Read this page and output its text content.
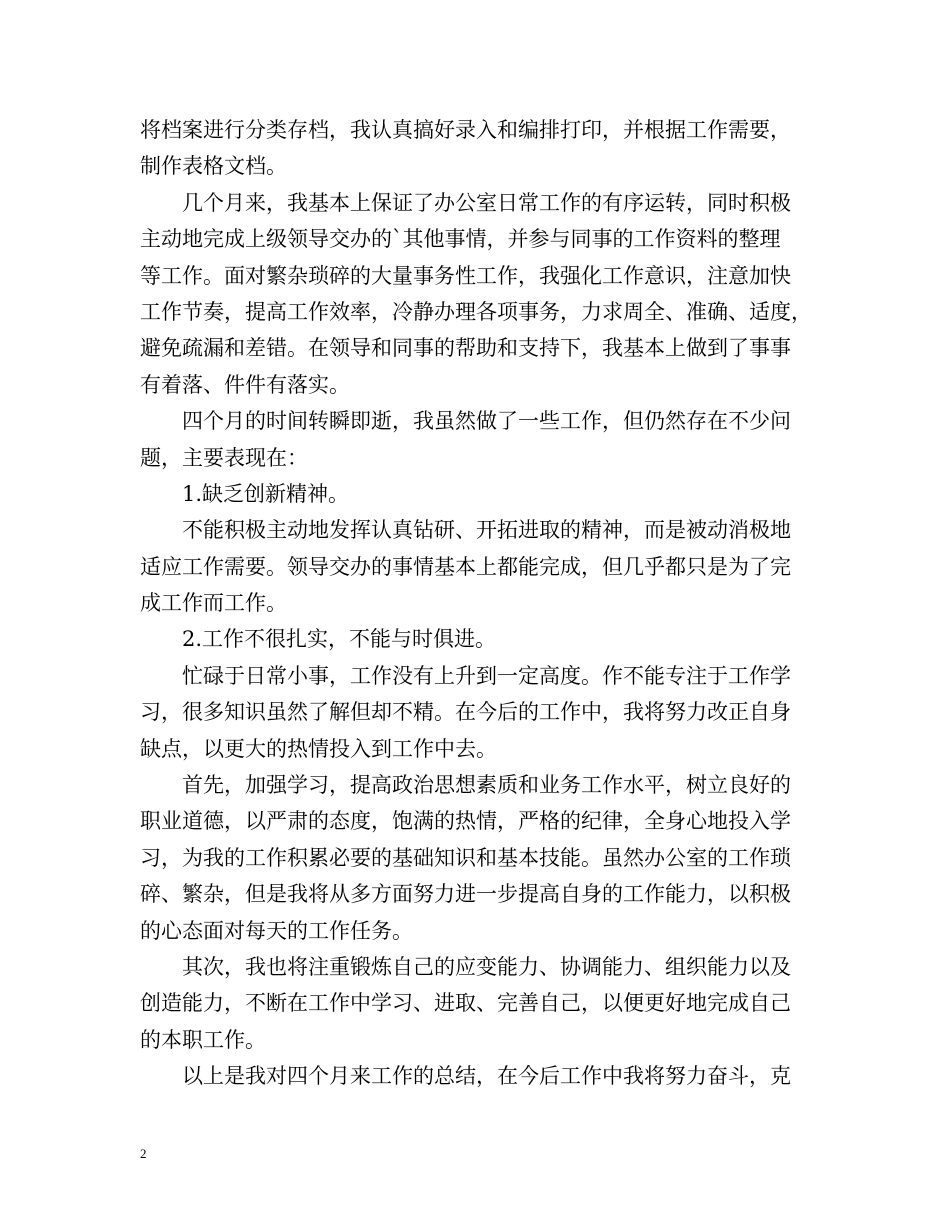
将档案进行分类存档，我认真搞好录入和编排打印，并根据工作需要，
制作表格文档。
　　几个月来，我基本上保证了办公室日常工作的有序运转，同时积极
主动地完成上级领导交办的`其他事情，并参与同事的工作资料的整理
等工作。面对繁杂琐碎的大量事务性工作，我强化工作意识，注意加快
工作节奏，提高工作效率，冷静办理各项事务，力求周全、准确、适度，
避免疏漏和差错。在领导和同事的帮助和支持下，我基本上做到了事事
有着落、件件有落实。
　　四个月的时间转瞬即逝，我虽然做了一些工作，但仍然存在不少问
题，主要表现在：
　　1.缺乏创新精神。
　　不能积极主动地发挥认真钻研、开拓进取的精神，而是被动消极地
适应工作需要。领导交办的事情基本上都能完成，但几乎都只是为了完
成工作而工作。
　　2.工作不很扎实，不能与时俱进。
　　忙碌于日常小事，工作没有上升到一定高度。作不能专注于工作学
习，很多知识虽然了解但却不精。在今后的工作中，我将努力改正自身
缺点，以更大的热情投入到工作中去。
　　首先，加强学习，提高政治思想素质和业务工作水平，树立良好的
职业道德，以严肃的态度，饱满的热情，严格的纪律，全身心地投入学
习，为我的工作积累必要的基础知识和基本技能。虽然办公室的工作琐
碎、繁杂，但是我将从多方面努力进一步提高自身的工作能力，以积极
的心态面对每天的工作任务。
　　其次，我也将注重锻炼自己的应变能力、协调能力、组织能力以及
创造能力，不断在工作中学习、进取、完善自己，以便更好地完成自己
的本职工作。
　　以上是我对四个月来工作的总结，在今后工作中我将努力奋斗，克
2
